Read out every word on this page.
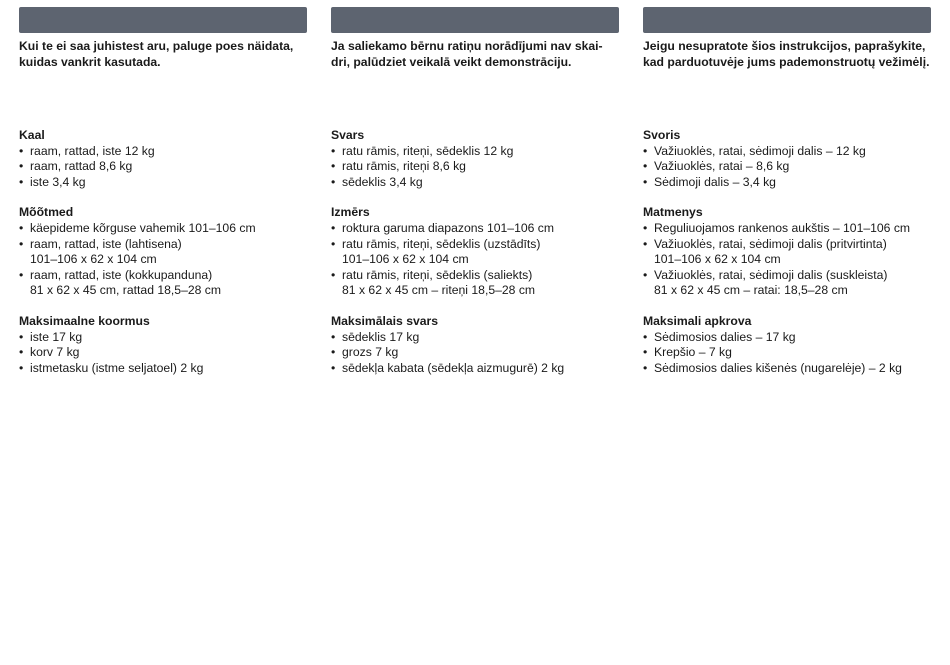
Kui te ei saa juhistest aru, paluge poes näidata, kuidas vankrit kasutada.
Kaal
• raam, rattad, iste 12 kg
• raam, rattad 8,6 kg
• iste 3,4 kg
Mõõtmed
• käepideme kõrguse vahemik 101–106 cm
• raam, rattad, iste (lahtisena)
101–106 x 62 x 104 cm
• raam, rattad, iste (kokkupanduna)
81 x 62 x 45 cm, rattad 18,5–28 cm
Maksimaalne koormus
• iste 17 kg
• korv 7 kg
• istmetasku (istme seljatoel) 2 kg
Ja saliekamo bērnu ratiņu norādījumi nav skai-dri, palūdziet veikalā veikt demonstrāciju.
Svars
• ratu rāmis, riteņi, sēdeklis 12 kg
• ratu rāmis, riteņi 8,6 kg
• sēdeklis 3,4 kg
Izmērs
• roktura garuma diapazons 101–106 cm
• ratu rāmis, riteņi, sēdeklis (uzstādīts)
101–106 x 62 x 104 cm
• ratu rāmis, riteņi, sēdeklis (saliekts)
81 x 62 x 45 cm – riteņi 18,5–28 cm
Maksimālais svars
• sēdeklis 17 kg
• grozs 7 kg
• sēdekļa kabata (sēdekļa aizmugurē) 2 kg
Jeigu nesupratote šios instrukcijos, paprašykite, kad parduotuvėje jums pademonstruotų vežimėlį.
Svoris
• Važiuoklės, ratai, sėdimoji dalis – 12 kg
• Važiuoklės, ratai – 8,6 kg
• Sėdimoji dalis – 3,4 kg
Matmenys
• Reguliuojamos rankenos aukštis – 101–106 cm
• Važiuoklės, ratai, sėdimoji dalis (pritvirtinta)
101–106 x 62 x 104 cm
• Važiuoklės, ratai, sėdimoji dalis (suskleista)
81 x 62 x 45 cm – ratai: 18,5–28 cm
Maksimali apkrova
• Sėdimosios dalies – 17 kg
• Krepšio – 7 kg
• Sėdimosios dalies kišenės (nugarelėje) – 2 kg
